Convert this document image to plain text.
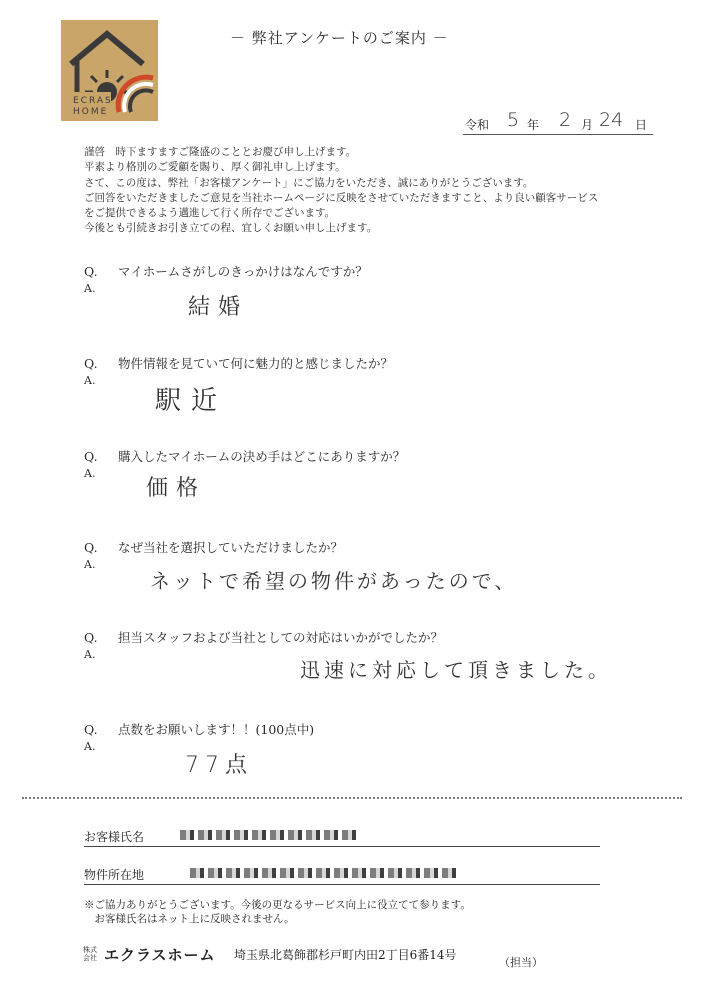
ECRAS
HOME
－ 弊社アンケートのご案内 －
令和 5 年 2 月 24 日
謹啓　時下ますますご隆盛のこととお慶び申し上げます。
平素より格別のご愛顧を賜り、厚く御礼申し上げます。
さて、この度は、弊社「お客様アンケート」にご協力をいただき、誠にありがとうございます。
ご回答をいただきましたご意見を当社ホームページに反映をさせていただきますこと、より良い顧客サービス
をご提供できるよう邁進して行く所存でございます。
今後とも引続きお引き立ての程、宜しくお願い申し上げます。
Q. マイホームさがしのきっかけはなんですか？
A.
結婚
Q. 物件情報を見ていて何に魅力的と感じましたか？
A.
駅近
Q. 購入したマイホームの決め手はどこにありますか？
A.
価格
Q. なぜ当社を選択していただけましたか？
A.
ネットで希望の物件があったので、
Q. 担当スタッフおよび当社としての対応はいかがでしたか？
A.
迅速に対応して頂きました。
Q. 点数をお願いします！！(100点中)
A.
77点
お客様氏名
物件所在地
※ご協力ありがとうございます。今後の更なるサービス向上に役立てて参ります。
　お客様氏名はネット上に反映されません。
株式
会社 エクラスホーム 埼玉県北葛飾郡杉戸町内田2丁目6番14号
（担当）
